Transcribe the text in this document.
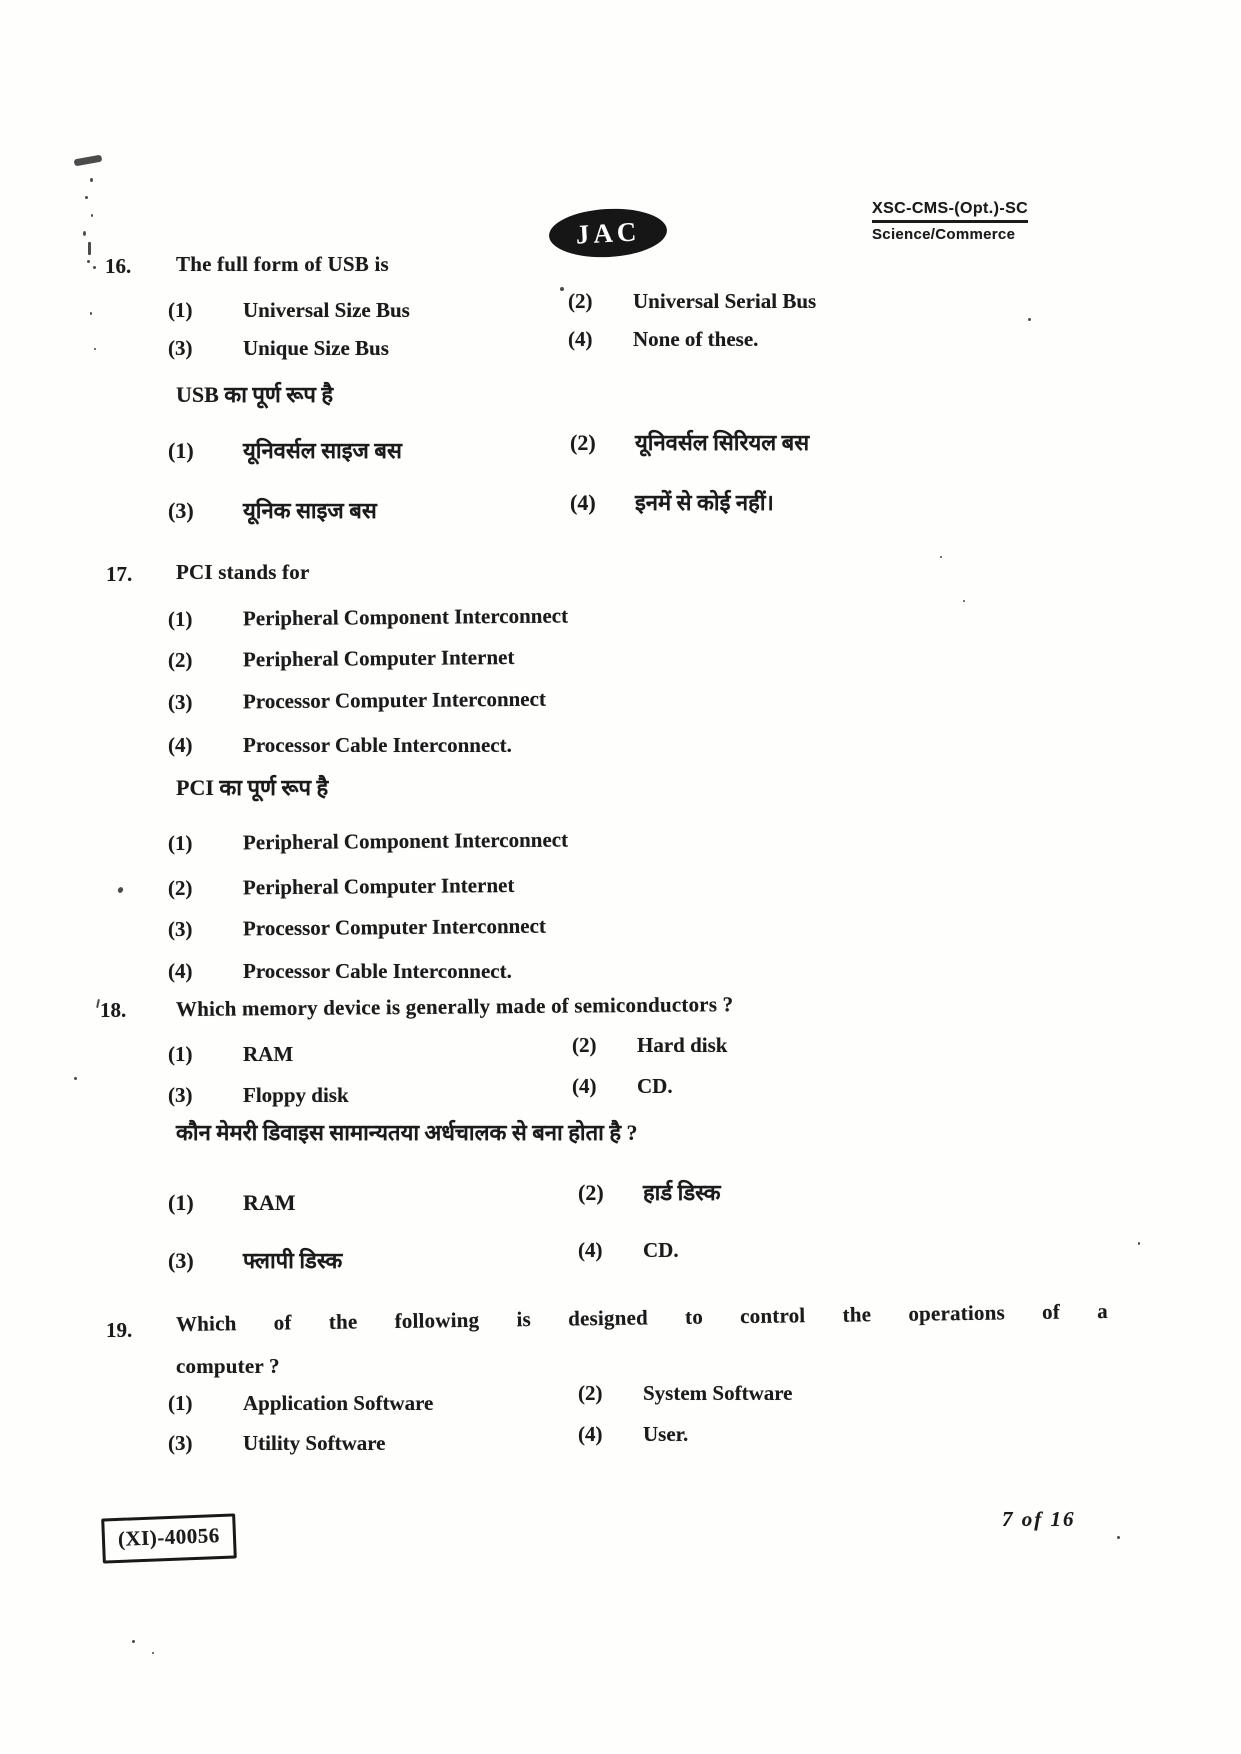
JAC
XSC-CMS-(Opt.)-SC
Science/Commerce
16. The full form of USB is
(1) Universal Size Bus	(2) Universal Serial Bus
(3) Unique Size Bus	(4) None of these.
USB का पूर्ण रूप है
(1) यूनिवर्सल साइज बस	(2) यूनिवर्सल सिरियल बस
(3) यूनिक साइज बस	(4) इनमें से कोई नहीं।
17. PCI stands for
(1) Peripheral Component Interconnect
(2) Peripheral Computer Internet
(3) Processor Computer Interconnect
(4) Processor Cable Interconnect.
PCI का पूर्ण रूप है
(1) Peripheral Component Interconnect
(2) Peripheral Computer Internet
(3) Processor Computer Interconnect
(4) Processor Cable Interconnect.
18. Which memory device is generally made of semiconductors ?
(1) RAM	(2) Hard disk
(3) Floppy disk	(4) CD.
कौन मेमरी डिवाइस सामान्यतया अर्धचालक से बना होता है ?
(1) RAM	(2) हार्ड डिस्क
(3) फ्लापी डिस्क	(4) CD.
19. Which of the following is designed to control the operations of a
computer ?
(1) Application Software	(2) System Software
(3) Utility Software	(4) User.
(XI)-40056
7 of 16
